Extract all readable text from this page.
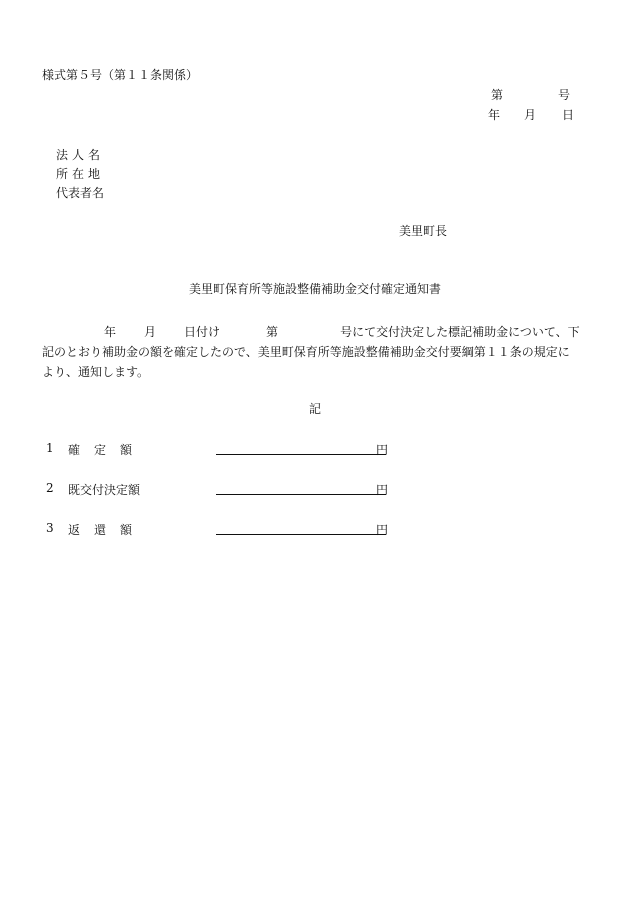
様式第５号（第１１条関係）
第	号
年 月 日
法人名
所在地
代表者名
美里町長
美里町保育所等施設整備補助金交付確定通知書
年 月 日付け	第	号にて交付決定した標記補助金について、下
記のとおり補助金の額を確定したので、美里町保育所等施設整備補助金交付要綱第１１条の規定に
より、通知します。
記
1 確定額	円
2 既交付決定額	円
3 返還額	円
